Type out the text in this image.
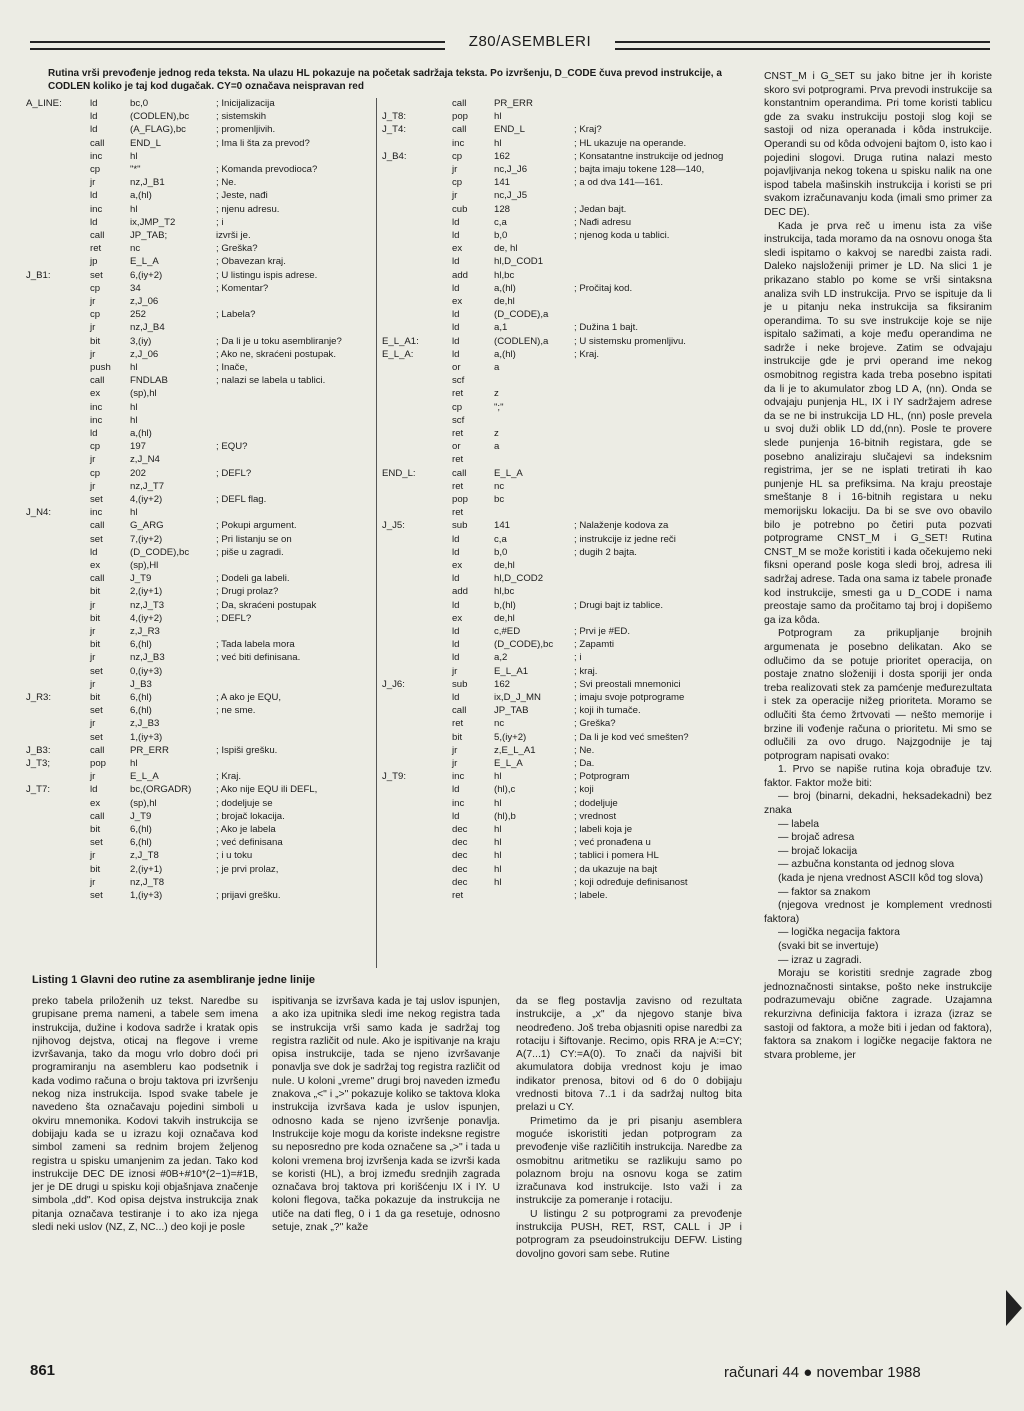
Z80/ASEMBLERI
Rutina vrši prevođenje jednog reda teksta. Na ulazu HL pokazuje na početak sadržaja teksta. Po izvršenju, D_CODE čuva prevod instrukcije, a CODLEN koliko je taj kod dugačak. CY=0 označava neispravan red
A_LINE:	ld	bc,0	; Inicijalizacija
ld	(CODLEN),bc	; sistemskih
ld	(A_FLAG),bc	; promenljivih.
call	END_L	; Ima li šta za prevod?
inc	hl
cp	"*"	; Komanda prevodioca?
jr	nz,J_B1	; Ne.
ld	a,(hl)	; Jeste, nađi
inc	hl	; njenu adresu.
ld	ix,JMP_T2	; i
call	JP_TAB;	izvrši je.
ret	nc	; Greška?
jp	E_L_A	; Obavezan kraj.
J_B1:	set	6,(iy+2)	; U listingu ispis adrese.
cp	34	; Komentar?
jr	z,J_06
cp	252	; Labela?
jr	nz,J_B4
bit	3,(iy)	; Da li je u toku asembliranje?
jr	z,J_06	; Ako ne, skraćeni postupak.
push hl	; Inače,
call	FNDLAB	; nalazi se labela u tablici.
ex	(sp),hl
inc	hl
inc	hl
ld	a,(hl)
cp	197	; EQU?
jr	z,J_N4
cp	202	; DEFL?
jr	nz,J_T7
set	4,(iy+2)	; DEFL flag.
J_N4:	inc	hl
call	G_ARG	; Pokupi argument.
set	7,(iy+2)	; Pri listanju se on
ld	(D_CODE),bc	; piše u zagradi.
ex	(sp),Hl
call	J_T9	; Dodeli ga labeli.
bit	2,(iy+1)	; Drugi prolaz?
jr	nz,J_T3	; Da, skraćeni postupak
bit	4,(iy+2)	; DEFL?
jr	z,J_R3
bit	6,(hl)	; Tada labela mora
jr	nz,J_B3	; već biti definisana.
set	0,(iy+3)
jr	J_B3
J_R3:	bit	6,(hl)	; A ako je EQU,
set	6,(hl)	; ne sme.
jr	z,J_B3
set	1,(iy+3)
J_B3:	call	PR_ERR	; Ispiši grešku.
J_T3;	pop hl
jr	E_L_A	; Kraj.
J_T7:	ld	bc,(ORGADR)	; Ako nije EQU ili DEFL,
ex	(sp),hl	; dodeljuje se
call	J_T9	; brojač lokacija.
bit	6,(hl)	; Ako je labela
set	6,(hl)	; već definisana
jr	z,J_T8	; i u toku
bit	2,(iy+1)	; je prvi prolaz,
jr	nz,J_T8
set	1,(iy+3)	; prijavi grešku.
call	PR_ERR
J_T8:	pop	hl
J_T4:	call	END_L	; Kraj?
inc	hl	; HL ukazuje na operande.
J_B4:	cp	162	; Konsatantne instrukcije od jednog
jr	nc,J_J6	; bajta imaju tokene 128—140,
cp	141	; a od dva 141—161.
jr	nc,J_J5
cub	128	; Jedan bajt.
ld	c,a	; Nađi adresu
ld	b,0	; njenog koda u tablici.
ex	de, hl
ld	hl,D_COD1
add	hl,bc
ld	a,(hl)	; Pročitaj kod.
ex	de,hl
ld	(D_CODE),a
ld	a,1	; Dužina 1 bajt.
E_L_A1:	ld	(CODLEN),a	; U sistemsku promenljivu.
E_L_A:	ld	a,(hl)	; Kraj.
or	a
scf
ret	z
cp	";"
scf
ret	z
or	a
ret
END_L:	call	E_L_A
ret	nc
pop	bc
ret
J_J5:	sub	141	; Nalaženje kodova za
ld	c,a	; instrukcije iz jedne reči
ld	b,0	; dugih 2 bajta.
ex	de,hl
ld	hl,D_COD2
add	hl,bc
ld	b,(hl)	; Drugi bajt iz tablice.
ex	de,hl
ld	c,#ED	; Prvi je #ED.
ld	(D_CODE),bc ; Zapamti
ld	a,2	; i
jr	E_L_A1	; kraj.
J_J6:	sub	162	; Svi preostali mnemonici
ld	ix,D_J_MN	; imaju svoje potprograme
call	JP_TAB	; koji ih tumače.
ret	nc	; Greška?
bit	5,(iy+2)	; Da li je kod već smešten?
jr	z,E_L_A1	; Ne.
jr	E_L_A	; Da.
J_T9:	inc	hl	; Potprogram
ld	(hl),c	; koji
inc	hl	; dodeljuje
ld	(hl),b	; vrednost
dec	hl	; labeli koja je
dec	hl	; već pronađena u
dec	hl	; tablici i pomera HL
dec	hl	; da ukazuje na bajt
dec	hl	; koji određuje definisanost
ret	; labele.
Listing 1 Glavni deo rutine za asembliranje jedne linije

preko tabela priloženih uz tekst. Naredbe su grupisane prema nameni, a tabele sem imena instrukcija, dužine i kodova sadrže i kratak opis njihovog dejstva, oticaj na flegove i vreme izvršavanja, tako da mogu vrlo dobro doći pri programiranju na asembleru kao podsetnik i kada vodimo računa o broju taktova pri izvršenju nekog niza instrukcija. Ispod svake tabele je navedeno šta označavaju pojedini simboli u okviru mnemonika. Kodovi takvih instrukcija se dobijaju kada se u izrazu koji označava kod simbol zameni sa rednim brojem željenog registra u spisku umanjenim za jedan. Tako kod instrukcije DEC DE iznosi #0B+#10*(2−1)=#1B, jer je DE drugi u spisku koji objašnjava značenje simbola „dd". Kod opisa dejstva instrukcija znak pitanja označava testiranje i to ako iza njega sledi neki uslov (NZ, Z, NC...) deo koji je posle

ispitivanja se izvršava kada je taj uslov ispunjen, a ako iza upitnika sledi ime nekog registra tada se instrukcija vrši samo kada je sadržaj tog registra različit od nule. Ako je ispitivanje na kraju opisa instrukcije, tada se njeno izvršavanje ponavlja sve dok je sadržaj tog registra različit od nule. U koloni „vreme" drugi broj naveden između znakova „<" i „>" pokazuje koliko se taktova kloka instrukcija izvršava kada je uslov ispunjen, odnosno kada se njeno izvršenje ponavlja. Instrukcije koje mogu da koriste indeksne registre su neposredno pre koda označene sa „>" i tada u koloni vremena broj izvršenja kada se izvrši kada se koristi (HL), a broj između srednjih zagrada označava broj taktova pri korišćenju IX i IY. U koloni flegova, tačka pokazuje da instrukcija ne utiče na dati fleg, 0 i 1 da ga resetuje, odnosno setuje, znak „?" kaže

da se fleg postavlja zavisno od rezultata instrukcije, a „x" da njegovo stanje biva neodređeno. Još treba objasniti opise naredbi za rotaciju i šiftovanje. Recimo, opis RRA je A:=CY; A(7...1) CY:=A(0). To znači da najviši bit akumulatora dobija vrednost koju je imao indikator prenosa, bitovi od 6 do 0 dobijaju vrednosti bitova 7..1 i da sadržaj nultog bita prelazi u CY.

Primetimo da je pri pisanju asemblera moguće iskoristiti jedan potprogram za prevođenje više različitih instrukcija. Naredbe za osmobitnu aritmetiku se razlikuju samo po polaznom broju na osnovu koga se zatim izračunava kod instrukcije. Isto važi i za instrukcije za pomeranje i rotaciju.

U listingu 2 su potprogrami za prevođenje instrukcija PUSH, RET, RST, CALL i JP i potprogram za pseudoinstrukciju DEFW. Listing dovoljno govori sam sebe. Rutine

CNST_M i G_SET su jako bitne jer ih koriste skoro svi potprogrami. Prva prevodi instrukcije sa konstantnim operandima. Pri tome koristi tablicu gde za svaku instrukciju postoji slog koji se sastoji od niza operanada i kôda instrukcije. Operandi su od kôda odvojeni bajtom 0, isto kao i pojedini slogovi. Druga rutina nalazi mesto pojavljivanja nekog tokena u spisku nalik na one ispod tabela mašinskih instrukcija i koristi se pri svakom izračunavanju koda (imali smo primer za DEC DE).

Kada je prva reč u imenu ista za više instrukcija, tada moramo da na osnovu onoga šta sledi ispitamo o kakvoj se naredbi zaista radi. Dalеko najsloženiji primer je LD. Na slici 1 je prikazano stablo po kome se vrši sintaksna analiza svih LD instrukcija. Prvo se ispituje da li je u pitanju neka instrukcija sa fiksiranim operandima. To su sve instrukcije koje se nije ispitalo sažimati, a koje među operandima ne sadrže i neke brojeve. Zatim se odvajaju instrukcije gde je prvi operand ime nekog osmobitnog registra kada treba posebno ispitati da li je to akumulator zbog LD A, (nn). Onda se odvajaju punjenja HL, IX i IY sadržajem adrese da se ne bi instrukcija LD HL, (nn) posle prevela u svoj duži oblik LD dd,(nn). Posle te provere slede punjenja 16-bitnih registara, gde se posebno analiziraju slučajevi sa indeksnim registrima, jer se ne isplati tretirati ih kao punjenje HL sa prefiksima. Na kraju preostaje smeštanje 8 i 16-bitnih registara u neku memorijsku lokaciju. Da bi se sve ovo obavilo bilo je potrebno po četiri puta pozvati potprograme CNST_M i G_SET! Rutina CNST_M se može koristiti i kada očekujemo neki fiksni operand posle koga sledi broj, adresa ili sadržaj adrese. Tada ona sama iz tabele pronađe kod instrukcije, smesti ga u D_CODE i nama preostaje samo da pročitamo taj broj i dopišemo ga iza kôda.

Potprogram za prikupljanje brojnih argumenata je posebno delikatan. Ako se odlučimo da se potuje prioritet operacija, on postaje znatno složeniji i dosta sporiji jer onda treba realizovati stek za pamćenje međurezultata i stek za operacije nižeg prioriteta. Moramo se odlučiti šta ćemo žrtvovati — nešto memorije i brzine ili vođenje računa o prioritetu. Mi smo se odlučili za ovo drugo. Najzgodnije je taj potprogram napisati ovako:

1. Prvo se napiše rutina koja obrađuje tzv. faktor. Faktor može biti:

— broj (binarni, dekadni, heksadekadni) bez znaka

— labela

— brojač adresa

— brojač lokacija

— azbučna konstanta od jednog slova

(kada je njena vrednost ASCII kôd tog slova)

— faktor sa znakom

(njegova vrednost je komplement vrednosti faktora)

— logička negacija faktora

(svaki bit se invertuje)

— izraz u zagradi.

Moraju se koristiti srednje zagrade zbog jednoznačnosti sintakse, pošto neke instrukcije podrazumevaju obične zagrade. Uzajamna rekurzivna definicija faktora i izraza (izraz se sastoji od faktora, a može biti i jedan od faktora), faktora sa znakom i logičke negacije faktora ne stvara probleme, jer

861	računari 44 ● novembar 1988
